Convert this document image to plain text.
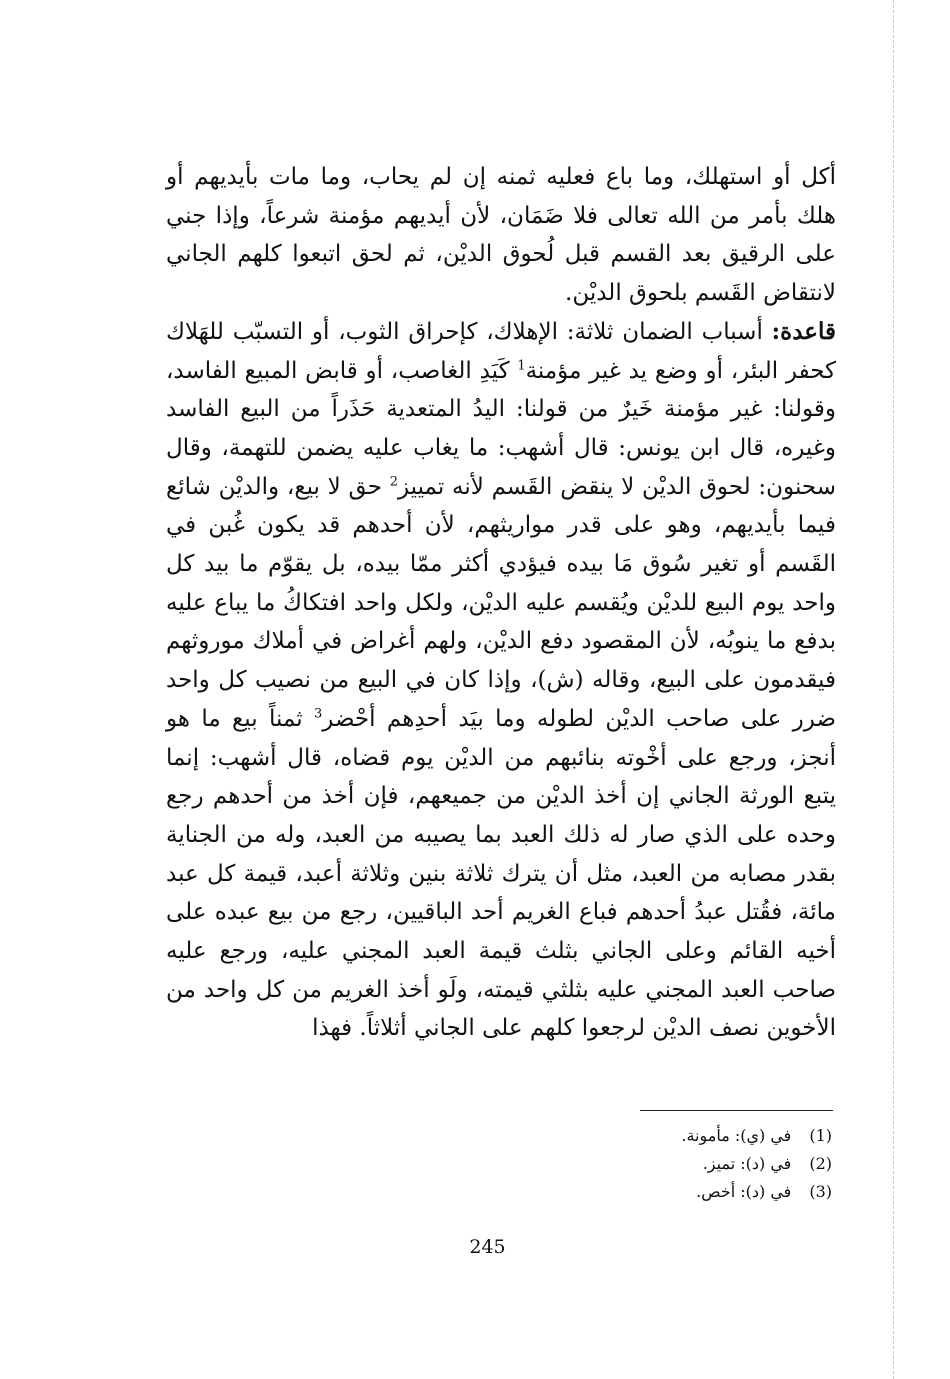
أكل أو استهلك، وما باع فعليه ثمنه إن لم يحاب، وما مات بأيديهم أو هلك بأمر من الله تعالى فلا ضَمَان، لأن أيديهم مؤمنة شرعاً، وإذا جني على الرقيق بعد القسم قبل لُحوق الديْن، ثم لحق اتبعوا كلهم الجاني لانتقاض القَسم بلحوق الديْن.

قاعدة: أسباب الضمان ثلاثة: الإهلاك، كإحراق الثوب، أو التسبّب للهَلاك كحفر البئر، أو وضع يد غير مؤمنة$^1$ كَيَدِ الغاصب، أو قابض المبيع الفاسد، وقولنا: غير مؤمنة خَيرٌ من قولنا: اليدُ المتعدية حَذَراً من البيع الفاسد وغيره، قال ابن يونس: قال أشهب: ما يغاب عليه يضمن للتهمة، وقال سحنون: لحوق الديْن لا ينقض القَسم لأنه تمييز$^2$ حق لا بيع، والديْن شائع فيما بأيديهم، وهو على قدر مواريثهم، لأن أحدهم قد يكون غُبن في القَسم أو تغير سُوق مَا بيده فيؤدي أكثر ممّا بيده، بل يقوّم ما بيد كل واحد يوم البيع للديْن ويُقسم عليه الديْن، ولكل واحد افتكاكُ ما يباع عليه بدفع ما ينوبُه، لأن المقصود دفع الديْن، ولهم أغراض في أملاك موروثهم فيقدمون على البيع، وقاله (ش)، وإذا كان في البيع من نصيب كل واحد ضرر على صاحب الديْن لطوله وما بيَد أحدِهم أحْضر$^3$ ثمناً بيع ما هو أنجز، ورجع على أخْوته بنائبهم من الديْن يوم قضاه، قال أشهب: إنما يتبع الورثة الجاني إن أخذ الديْن من جميعهم، فإن أخذ من أحدهم رجع وحده على الذي صار له ذلك العبد بما يصيبه من العبد، وله من الجناية بقدر مصابه من العبد، مثل أن يترك ثلاثة بنين وثلاثة أعبد، قيمة كل عبد مائة، فقُتل عبدُ أحدهم فباع الغريم أحد الباقيين، رجع من بيع عبده على أخيه القائم وعلى الجاني بثلث قيمة العبد المجني عليه، ورجع عليه صاحب العبد المجني عليه بثلثي قيمته، ولَو أخذ الغريم من كل واحد من الأخوين نصف الديْن لرجعوا كلهم على الجاني أثلاثاً. فهذا

(1)
في (ي): مأمونة.
(2)
في (د): تميز.
(3)
في (د): أخص.
245
